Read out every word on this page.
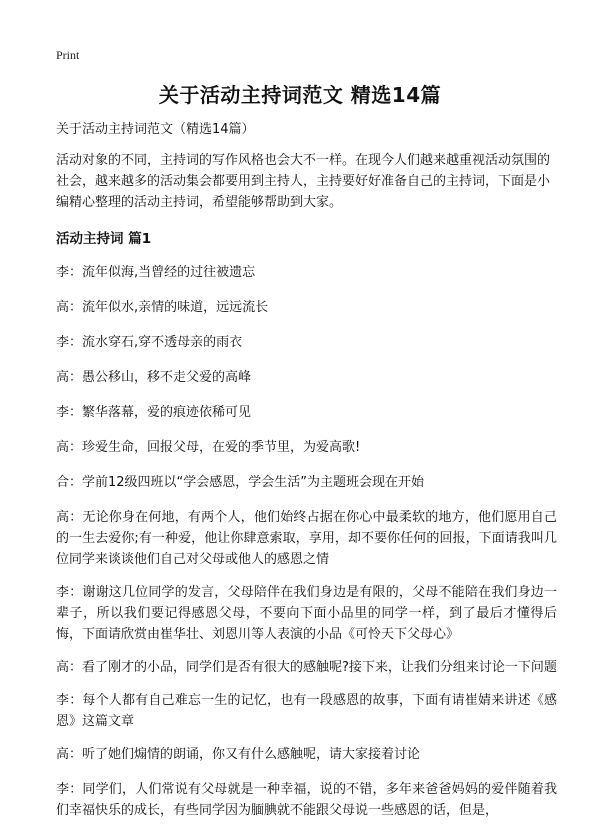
Print
关于活动主持词范文 精选14篇

关于活动主持词范文（精选14篇）

活动对象的不同，主持词的写作风格也会大不一样。在现今人们越来越重视活动氛围的社会，越来越多的活动集会都要用到主持人，主持要好好准备自己的主持词，下面是小编精心整理的活动主持词，希望能够帮助到大家。

活动主持词 篇1

李：流年似海,当曾经的过往被遗忘

高：流年似水,亲情的味道，远远流长

李：流水穿石,穿不透母亲的雨衣

高：愚公移山，移不走父爱的高峰

李：繁华落幕，爱的痕迹依稀可见

高：珍爱生命，回报父母，在爱的季节里，为爱高歌!

合：学前12级四班以“学会感恩，学会生活”为主题班会现在开始

高：无论你身在何地，有两个人，他们始终占据在你心中最柔软的地方，他们愿用自己的一生去爱你;有一种爱，他让你肆意索取，享用，却不要你任何的回报，下面请我叫几位同学来谈谈他们自己对父母或他人的感恩之情

李：谢谢这几位同学的发言，父母陪伴在我们身边是有限的，父母不能陪在我们身边一辈子，所以我们要记得感恩父母，不要向下面小品里的同学一样，到了最后才懂得后悔，下面请欣赏由崔华壮、刘恩川等人表演的小品《可怜天下父母心》

高：看了刚才的小品，同学们是否有很大的感触呢?接下来，让我们分组来讨论一下问题

李：每个人都有自己难忘一生的记忆，也有一段感恩的故事，下面有请崔婧来讲述《感恩》这篇文章

高：听了她们煽情的朗诵，你又有什么感触呢，请大家接着讨论

李：同学们，人们常说有父母就是一种幸福，说的不错，多年来爸爸妈妈的爱伴随着我们幸福快乐的成长，有些同学因为腼腆就不能跟父母说一些感恩的话，但是，
